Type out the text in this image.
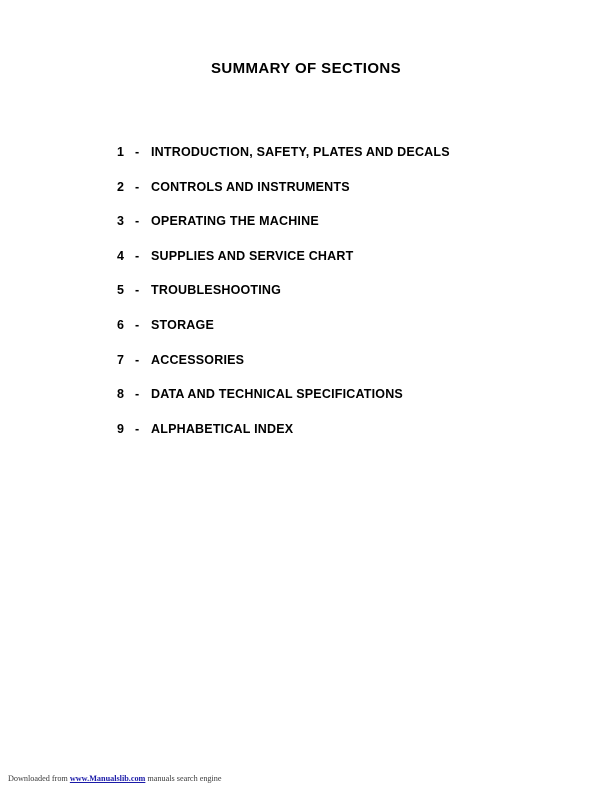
SUMMARY OF SECTIONS
1 - INTRODUCTION, SAFETY, PLATES AND DECALS
2 - CONTROLS AND INSTRUMENTS
3 - OPERATING THE MACHINE
4 - SUPPLIES AND SERVICE CHART
5 - TROUBLESHOOTING
6 - STORAGE
7 - ACCESSORIES
8 - DATA AND TECHNICAL SPECIFICATIONS
9 - ALPHABETICAL INDEX
Downloaded from www.Manualslib.com manuals search engine
